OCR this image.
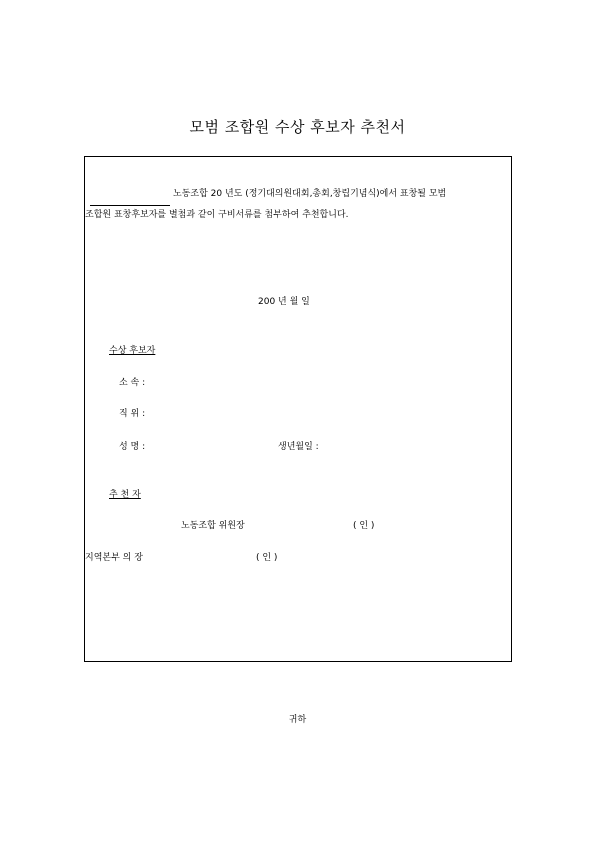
모범 조합원 수상 후보자 추천서
노동조합 20 년도 (정기대의원대회,총회,창립기념식)에서 표창될 모범
조합원 표창후보자를 별첨과 같이 구비서류를 첨부하여 추천합니다.
200 년 월 일
수상 후보자
소 속 :
직 위 :
성 명 :	생년월일 :
추 천 자
노동조합 위원장	( 인 )
지역본부 의 장	( 인 )
귀하
